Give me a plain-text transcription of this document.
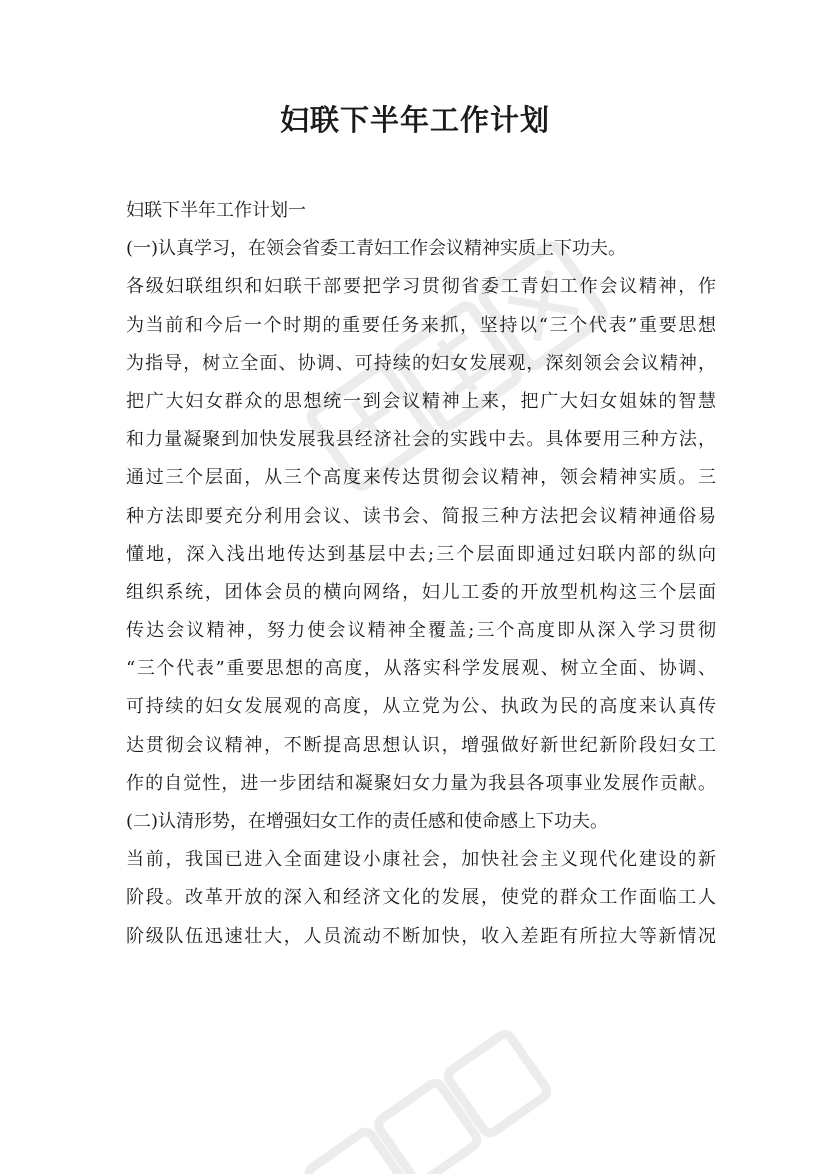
妇联下半年工作计划
妇联下半年工作计划一
(一)认真学习，在领会省委工青妇工作会议精神实质上下功夫。
各级妇联组织和妇联干部要把学习贯彻省委工青妇工作会议精神，作
为当前和今后一个时期的重要任务来抓，坚持以“三个代表”重要思想
为指导，树立全面、协调、可持续的妇女发展观，深刻领会会议精神，
把广大妇女群众的思想统一到会议精神上来，把广大妇女姐妹的智慧
和力量凝聚到加快发展我县经济社会的实践中去。具体要用三种方法，
通过三个层面，从三个高度来传达贯彻会议精神，领会精神实质。三
种方法即要充分利用会议、读书会、简报三种方法把会议精神通俗易
懂地，深入浅出地传达到基层中去;三个层面即通过妇联内部的纵向
组织系统，团体会员的横向网络，妇儿工委的开放型机构这三个层面
传达会议精神，努力使会议精神全覆盖;三个高度即从深入学习贯彻
“三个代表”重要思想的高度，从落实科学发展观、树立全面、协调、
可持续的妇女发展观的高度，从立党为公、执政为民的高度来认真传
达贯彻会议精神，不断提高思想认识，增强做好新世纪新阶段妇女工
作的自觉性，进一步团结和凝聚妇女力量为我县各项事业发展作贡献。
(二)认清形势，在增强妇女工作的责任感和使命感上下功夫。
当前，我国已进入全面建设小康社会，加快社会主义现代化建设的新
阶段。改革开放的深入和经济文化的发展，使党的群众工作面临工人
阶级队伍迅速壮大，人员流动不断加快，收入差距有所拉大等新情况
